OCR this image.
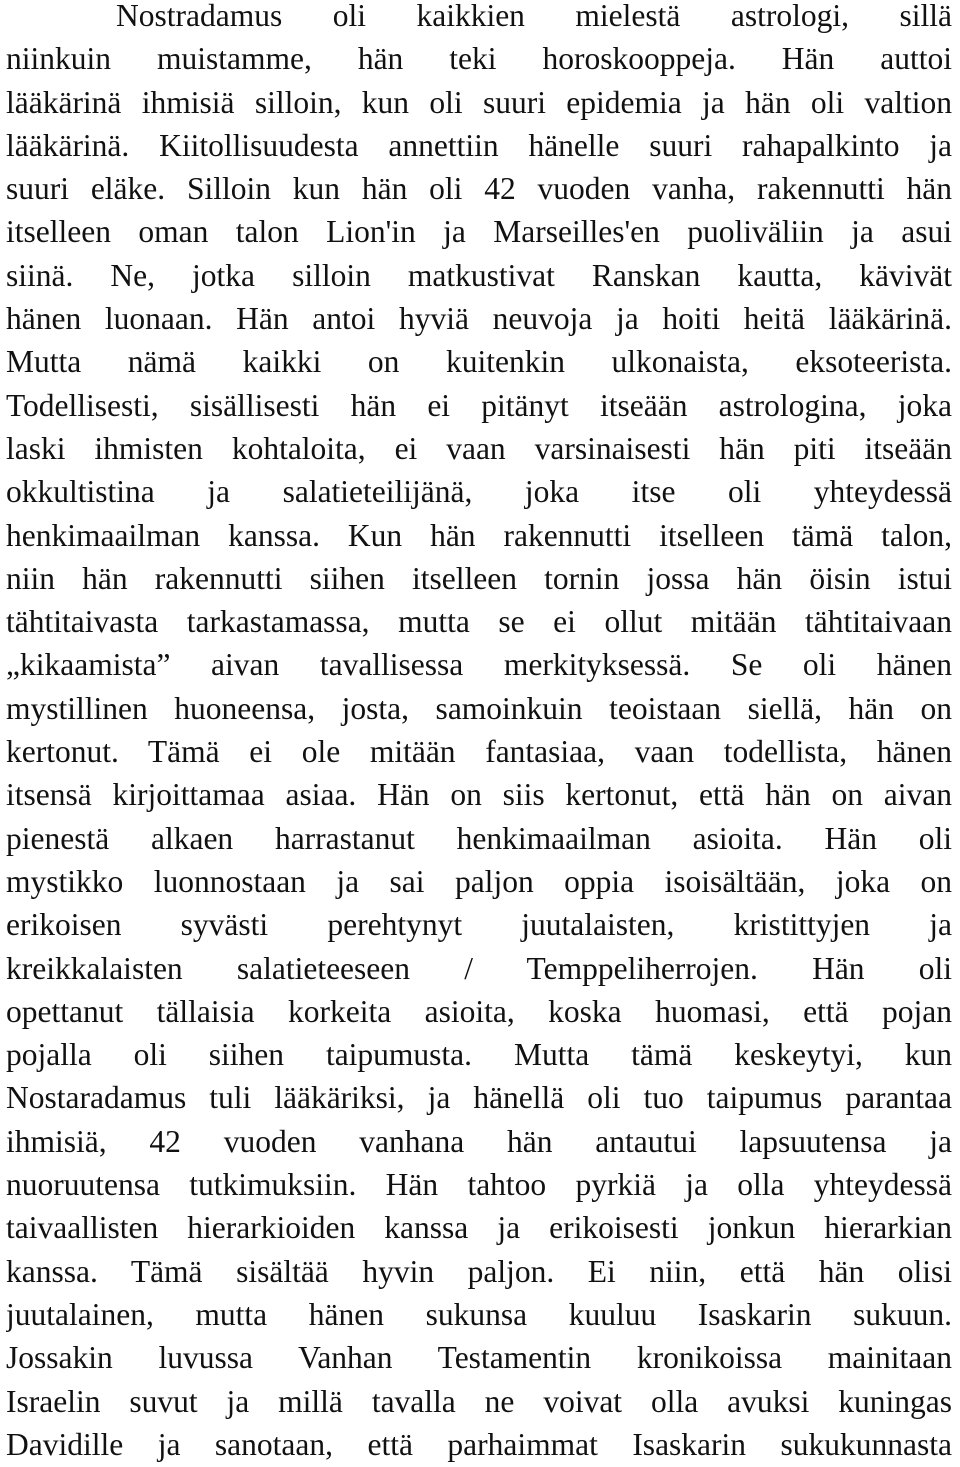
Nostradamus oli kaikkien mielestä astrologi, sillä
niinkuin muistamme, hän teki horoskooppeja. Hän auttoi
lääkärinä ihmisiä silloin, kun oli suuri epidemia ja hän oli valtion
lääkärinä. Kiitollisuudesta annettiin hänelle suuri rahapalkinto ja
suuri eläke. Silloin kun hän oli 42 vuoden vanha, rakennutti hän
itselleen oman talon Lion'in ja Marseilles'en puoliväliin ja asui
siinä. Ne, jotka silloin matkustivat Ranskan kautta, kävivät
hänen luonaan. Hän antoi hyviä neuvoja ja hoiti heitä lääkärinä.
Mutta nämä kaikki on kuitenkin ulkonaista, eksoteerista.
Todellisesti, sisällisesti hän ei pitänyt itseään astrologina, joka
laski ihmisten kohtaloita, ei vaan varsinaisesti hän piti itseään
okkultistina ja salatieteilijänä, joka itse oli yhteydessä
henkimaailman kanssa. Kun hän rakennutti itselleen tämä talon,
niin hän rakennutti siihen itselleen tornin jossa hän öisin istui
tähtitaivasta tarkastamassa, mutta se ei ollut mitään tähtitaivaan
„kikaamista” aivan tavallisessa merkityksessä. Se oli hänen
mystillinen huoneensa, josta, samoinkuin teoistaan siellä, hän on
kertonut. Tämä ei ole mitään fantasiaa, vaan todellista, hänen
itsensä kirjoittamaa asiaa. Hän on siis kertonut, että hän on aivan
pienestä alkaen harrastanut henkimaailman asioita. Hän oli
mystikko luonnostaan ja sai paljon oppia isoisältään, joka on
erikoisen syvästi perehtynyt juutalaisten, kristittyjen ja
kreikkalaisten salatieteeseen / Temppeliherrojen. Hän oli
opettanut tällaisia korkeita asioita, koska huomasi, että pojan
pojalla oli siihen taipumusta. Mutta tämä keskeytyi, kun
Nostaradamus tuli lääkäriksi, ja hänellä oli tuo taipumus parantaa
ihmisiä, 42 vuoden vanhana hän antautui lapsuutensa ja
nuoruutensa tutkimuksiin. Hän tahtoo pyrkiä ja olla yhteydessä
taivaallisten hierarkioiden kanssa ja erikoisesti jonkun hierarkian
kanssa. Tämä sisältää hyvin paljon. Ei niin, että hän olisi
juutalainen, mutta hänen sukunsa kuuluu Isaskarin sukuun.
Jossakin luvussa Vanhan Testamentin kronikoissa mainitaan
Israelin suvut ja millä tavalla ne voivat olla avuksi kuningas
Davidille ja sanotaan, että parhaimmat Isaskarin sukukunnasta
